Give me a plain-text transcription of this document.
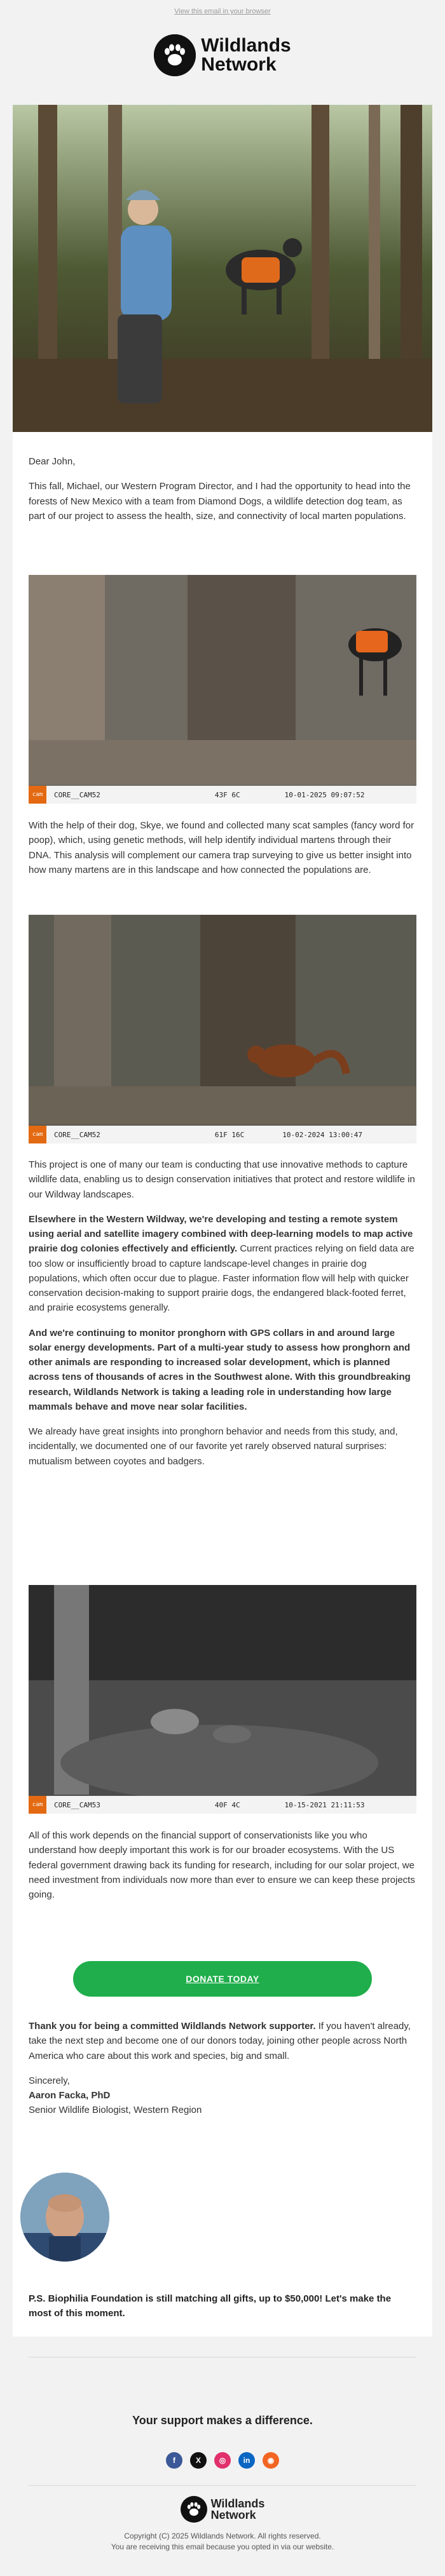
View this email in your browser
Wildlands
Network

Dear John,

This fall, Michael, our Western Program Director, and I had the opportunity to head into the forests of New Mexico with a team from Diamond Dogs, a wildlife detection dog team, as part of our project to assess the health, size, and connectivity of local marten populations.

cam	CORE__CAM52	43F 6C	10-01-2025 09:07:52

With the help of their dog, Skye, we found and collected many scat samples (fancy word for poop), which, using genetic methods, will help identify individual martens through their DNA. This analysis will complement our camera trap surveying to give us better insight into how many martens are in this landscape and how connected the populations are.

cam	CORE__CAM52	61F 16C	10-02-2024 13:00:47

This project is one of many our team is conducting that use innovative methods to capture wildlife data, enabling us to design conservation initiatives that protect and restore wildlife in our Wildway landscapes.

Elsewhere in the Western Wildway, we're developing and testing a remote system using aerial and satellite imagery combined with deep-learning models to map active prairie dog colonies effectively and efficiently. Current practices relying on field data are too slow or insufficiently broad to capture landscape-level changes in prairie dog populations, which often occur due to plague. Faster information flow will help with quicker conservation decision-making to support prairie dogs, the endangered black-footed ferret, and prairie ecosystems generally.

And we're continuing to monitor pronghorn with GPS collars in and around large solar energy developments. Part of a multi-year study to assess how pronghorn and other animals are responding to increased solar development, which is planned across tens of thousands of acres in the Southwest alone. With this groundbreaking research, Wildlands Network is taking a leading role in understanding how large mammals behave and move near solar facilities.

We already have great insights into pronghorn behavior and needs from this study, and, incidentally, we documented one of our favorite yet rarely observed natural surprises: mutualism between coyotes and badgers.

cam	CORE__CAM53	40F 4C	10-15-2021 21:11:53

All of this work depends on the financial support of conservationists like you who understand how deeply important this work is for our broader ecosystems. With the US federal government drawing back its funding for research, including for our solar project, we need investment from individuals now more than ever to ensure we can keep these projects going.

DONATE TODAY

Thank you for being a committed Wildlands Network supporter. If you haven't already, take the next step and become one of our donors today, joining other people across North America who care about this work and species, big and small.

Sincerely,
Aaron Facka, PhD
Senior Wildlife Biologist, Western Region
P.S. Biophilia Foundation is still matching all gifts, up to $50,000! Let's make the most of this moment.
Your support makes a difference.
f	X	◎	in	◉
Wildlands
Network
Copyright (C) 2025 Wildlands Network. All rights reserved.
You are receiving this email because you opted in via our website.
